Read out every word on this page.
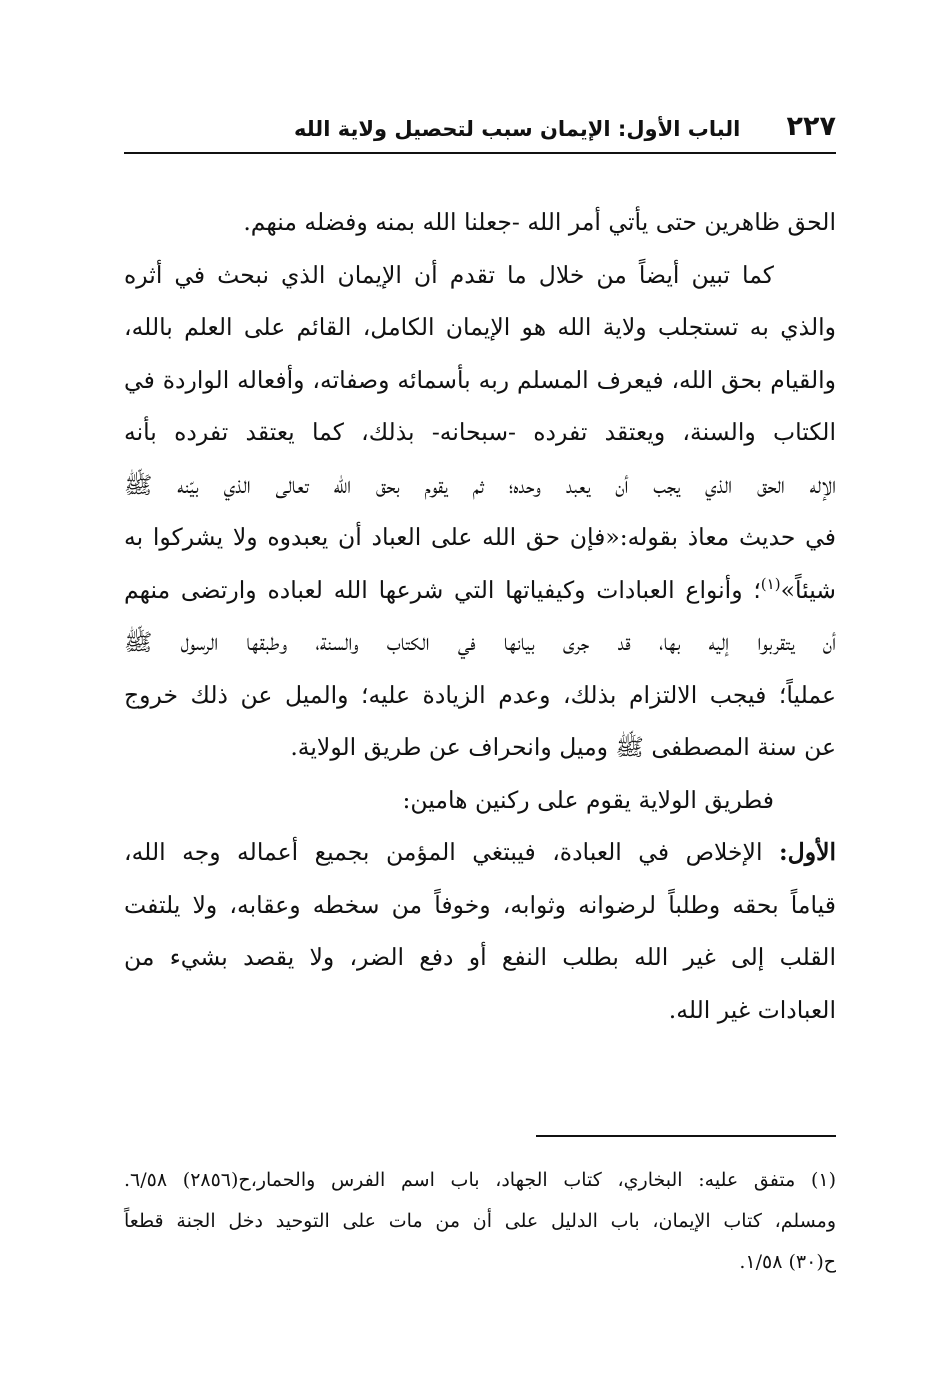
٢٢٧
الباب الأول: الإيمان سبب لتحصيل ولاية الله
الحق ظاهرين حتى يأتي أمر الله -جعلنا الله بمنه وفضله منهم.
كما تبين أيضاً من خلال ما تقدم أن الإيمان الذي نبحث في أثره
والذي به تستجلب ولاية الله هو الإيمان الكامل، القائم على العلم بالله،
والقيام بحق الله، فيعرف المسلم ربه بأسمائه وصفاته، وأفعاله الواردة في
الكتاب والسنة، ويعتقد تفرده -سبحانه- بذلك، كما يعتقد تفرده بأنه
الإله الحق الذي يجب أن يعبد وحده؛ ثم يقوم بحق الله تعالى الذي بيّنه ﷺ
في حديث معاذ بقوله:«فإن حق الله على العباد أن يعبدوه ولا يشركوا به
شيئاً»$^{(١)}$؛ وأنواع العبادات وكيفياتها التي شرعها الله لعباده وارتضى منهم
أن يتقربوا إليه بها، قد جرى بيانها في الكتاب والسنة، وطبقها الرسول ﷺ
عملياً؛ فيجب الالتزام بذلك، وعدم الزيادة عليه؛ والميل عن ذلك خروج
عن سنة المصطفى ﷺ وميل وانحراف عن طريق الولاية.
فطريق الولاية يقوم على ركنين هامين:
الأول: الإخلاص في العبادة، فيبتغي المؤمن بجميع أعماله وجه الله،
قياماً بحقه وطلباً لرضوانه وثوابه، وخوفاً من سخطه وعقابه، ولا يلتفت
القلب إلى غير الله بطلب النفع أو دفع الضر، ولا يقصد بشيء من
العبادات غير الله.
(١) متفق عليه: البخاري، كتاب الجهاد، باب اسم الفرس والحمار،ح(٢٨٥٦) ٦/٥٨.
ومسلم، كتاب الإيمان، باب الدليل على أن من مات على التوحيد دخل الجنة قطعاً
ح(٣٠) ١/٥٨.
